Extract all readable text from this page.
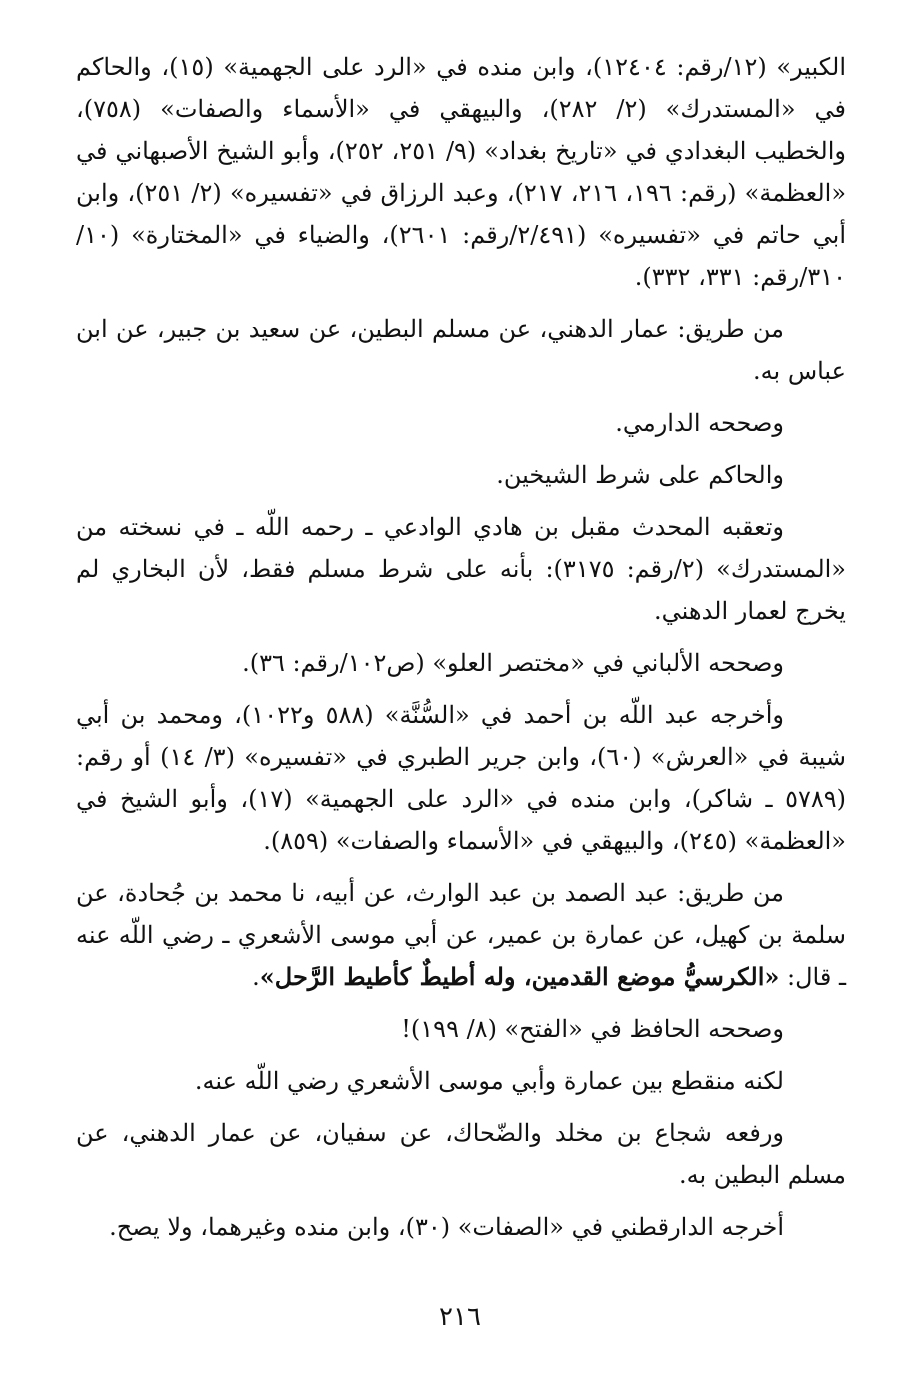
الكبير» (١٢/رقم: ١٢٤٠٤)، وابن منده في «الرد على الجهمية» (١٥)، والحاكم في «المستدرك» (٢/ ٢٨٢)، والبيهقي في «الأسماء والصفات» (٧٥٨)، والخطيب البغدادي في «تاريخ بغداد» (٩/ ٢٥١، ٢٥٢)، وأبو الشيخ الأصبهاني في «العظمة» (رقم: ١٩٦، ٢١٦، ٢١٧)، وعبد الرزاق في «تفسيره» (٢/ ٢٥١)، وابن أبي حاتم في «تفسيره» (٢/٤٩١/رقم: ٢٦٠١)، والضياء في «المختارة» (١٠/ ٣١٠/رقم: ٣٣١، ٣٣٢).

من طريق: عمار الدهني، عن مسلم البطين، عن سعيد بن جبير، عن ابن عباس به.

وصححه الدارمي.

والحاكم على شرط الشيخين.

وتعقبه المحدث مقبل بن هادي الوادعي ـ رحمه اللّه ـ في نسخته من «المستدرك» (٢/رقم: ٣١٧٥): بأنه على شرط مسلم فقط، لأن البخاري لم يخرج لعمار الدهني.

وصححه الألباني في «مختصر العلو» (ص١٠٢/رقم: ٣٦).

وأخرجه عبد اللّه بن أحمد في «السُّنَّة» (٥٨٨ و١٠٢٢)، ومحمد بن أبي شيبة في «العرش» (٦٠)، وابن جرير الطبري في «تفسيره» (٣/ ١٤) أو رقم: (٥٧٨٩ ـ شاكر)، وابن منده في «الرد على الجهمية» (١٧)، وأبو الشيخ في «العظمة» (٢٤٥)، والبيهقي في «الأسماء والصفات» (٨٥٩).

من طريق: عبد الصمد بن عبد الوارث، عن أبيه، نا محمد بن جُحادة، عن سلمة بن كهيل، عن عمارة بن عمير، عن أبي موسى الأشعري ـ رضي اللّه عنه ـ قال: «الكرسيُّ موضع القدمين، وله أطيطٌ كأطيط الرَّحل».

وصححه الحافظ في «الفتح» (٨/ ١٩٩)!

لكنه منقطع بين عمارة وأبي موسى الأشعري رضي اللّه عنه.

ورفعه شجاع بن مخلد والضّحاك، عن سفيان، عن عمار الدهني، عن مسلم البطين به.

أخرجه الدارقطني في «الصفات» (٣٠)، وابن منده وغيرهما، ولا يصح.

٢١٦
